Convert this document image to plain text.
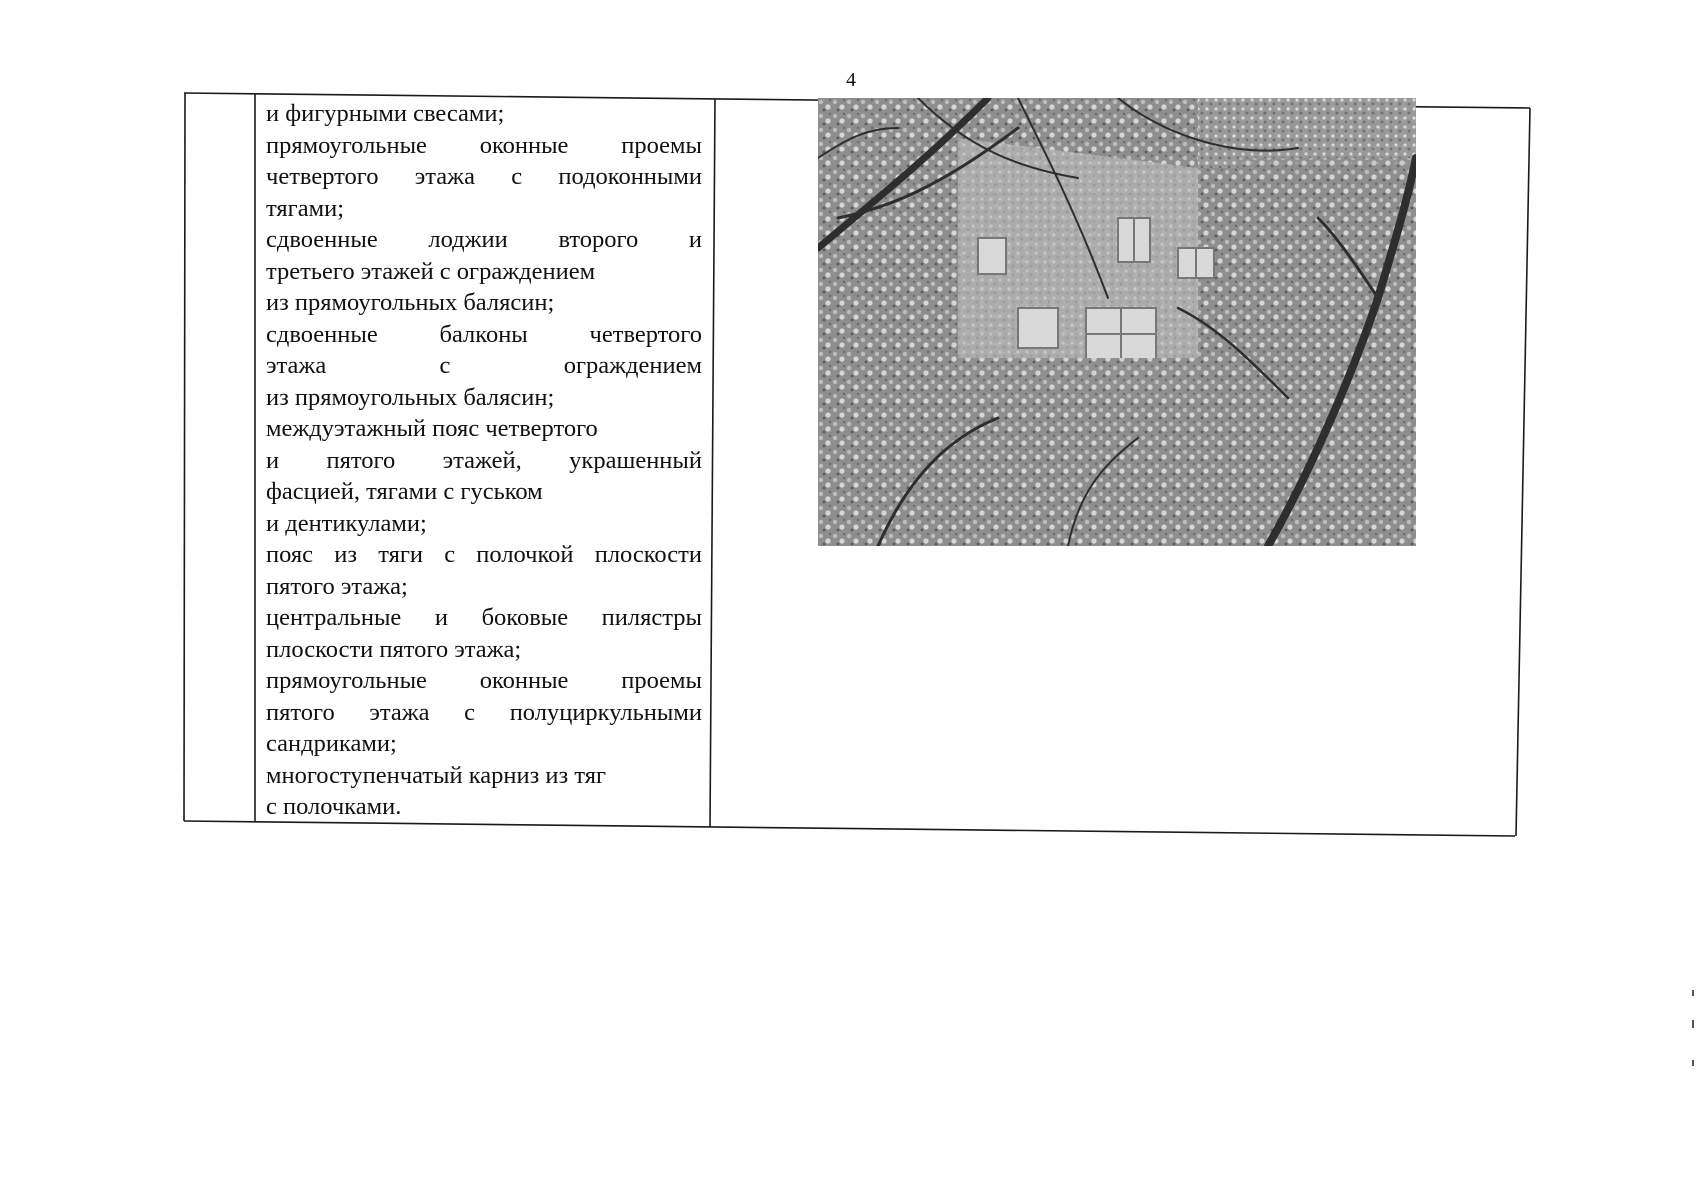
4
и фигурными свесами;
прямоугольные оконные проемы
четвертого этажа с подоконными
тягами;
сдвоенные лоджии второго и
третьего этажей с ограждением
из прямоугольных балясин;
сдвоенные балконы четвертого
этажа с ограждением
из прямоугольных балясин;
междуэтажный пояс четвертого
и пятого этажей, украшенный
фасцией, тягами с гуськом
и дентикулами;
пояс из тяги с полочкой плоскости
пятого этажа;
центральные и боковые пилястры
плоскости пятого этажа;
прямоугольные оконные проемы
пятого этажа с полуциркульными
сандриками;
многоступенчатый карниз из тяг
с полочками.
